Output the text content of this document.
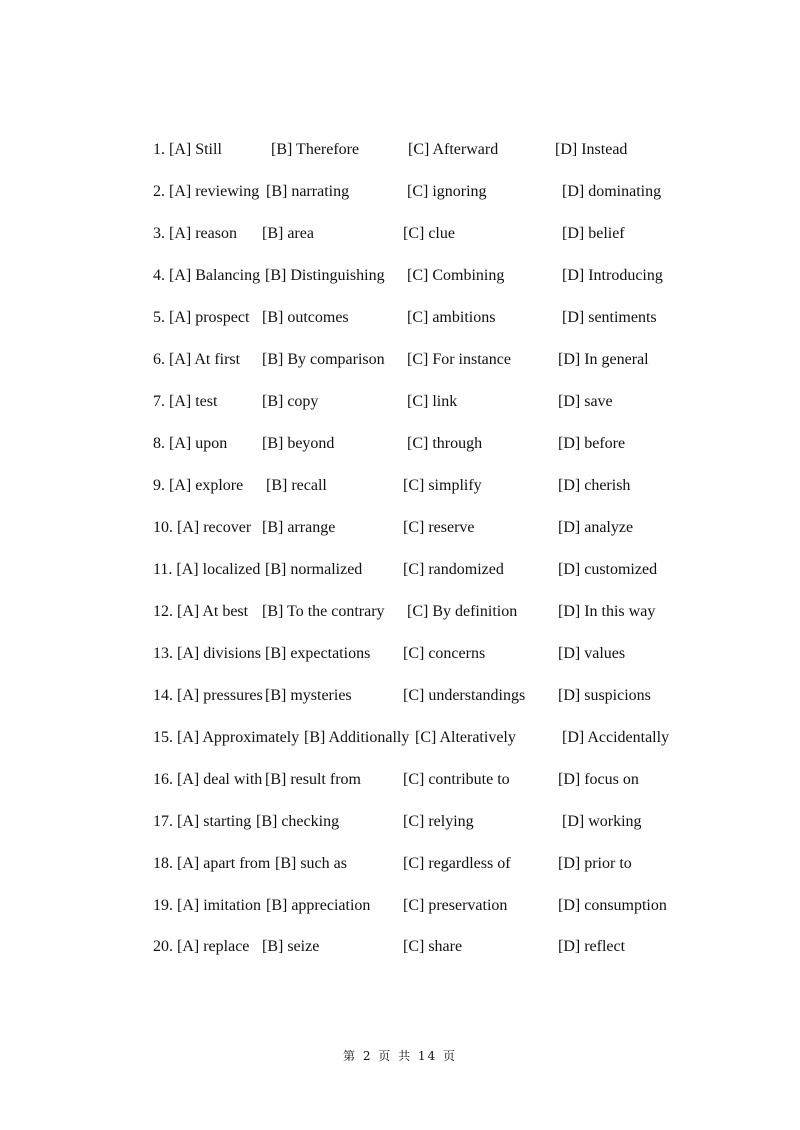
1. [A] Still	[B] Therefore	[C] Afterward	[D] Instead
2. [A] reviewing [B] narrating	[C] ignoring	[D] dominating
3. [A] reason [B] area	[C] clue	[D] belief
4. [A] Balancing [B] Distinguishing [C] Combining	[D] Introducing
5. [A] prospect [B] outcomes	[C] ambitions	[D] sentiments
6. [A] At first [B] By comparison [C] For instance	[D] In general
7. [A] test	[B] copy	[C] link	[D] save
8. [A] upon [B] beyond	[C] through	[D] before
9. [A] explore [B] recall	[C] simplify	[D] cherish
10. [A] recover [B] arrange	[C] reserve	[D] analyze
11. [A] localized [B] normalized	[C] randomized	[D] customized
12. [A] At best [B] To the contrary [C] By definition	[D] In this way
13. [A] divisions [B] expectations [C] concerns	[D] values
14. [A] pressures [B] mysteries	[C] understandings [D] suspicions
15. [A] Approximately [B] Additionally [C] Alteratively	[D] Accidentally
16. [A] deal with [B] result from	[C] contribute to	[D] focus on
17. [A] starting [B] checking	[C] relying	[D] working
18. [A] apart from [B] such as	[C] regardless of	[D] prior to
19. [A] imitation [B] appreciation [C] preservation	[D] consumption
20. [A] replace [B] seize	[C] share	[D] reflect
第 2 页 共 14 页
